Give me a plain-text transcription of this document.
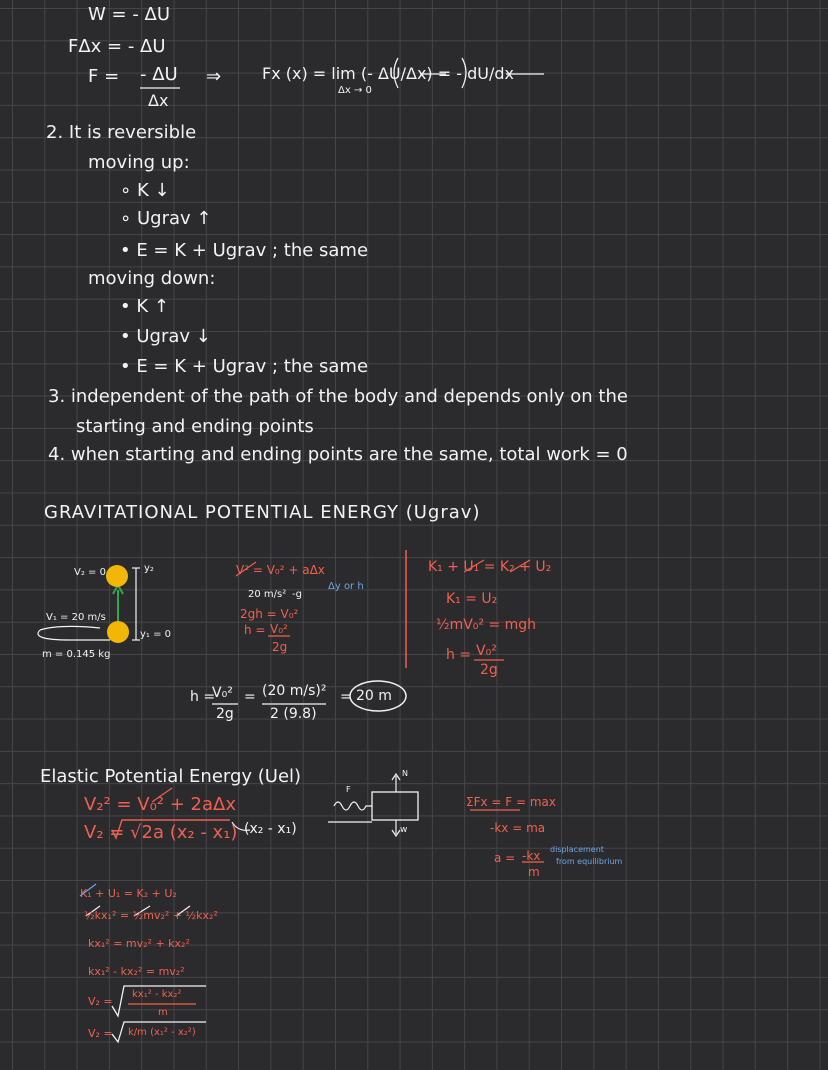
W = - ΔU
FΔx = - ΔU
F = - ΔU
Δx
⇒	Fx (x) = lim (- ΔU/Δx) = - dU/dx
Δx → 0
2. It is reversible
moving up:
∘ K ↓
∘ Ugrav ↑
• E = K + Ugrav ; the same
moving down:
• K ↑
• Ugrav ↓
• E = K + Ugrav ; the same
3. independent of the path of the body and depends only on the
starting and ending points
4. when starting and ending points are the same, total work = 0
GRAVITATIONAL POTENTIAL ENERGY (Ugrav)
V₂ = 0	y₂
V₁ = 20 m/s
y₁ = 0
m = 0.145 kg
V² = V₀² + aΔx
20 m/s² -g
Δy or h
2gh = V₀²
h = V₀²
2g
K₁ + U₁ = K₂ + U₂
K₁ = U₂
½mV₀² = mgh
h = V₀²
2g
h =
V₀²
2g
= (20 m/s)²
2 (9.8)
= 20 m
Elastic Potential Energy (Uel)
V₂² = V₀² + 2aΔx
(x₂ - x₁)
V₂ = √2a (x₂ - x₁)
N
w
F
ΣFx = F = max
-kx = ma
a = -kx
m
displacement
from equilibrium
K₁ + U₁ = K₂ + U₂
½kx₁² = ½mv₂² + ½kx₂²
kx₁² = mv₂² + kx₂²
kx₁² - kx₂² = mv₂²
V₂ =
kx₁² - kx₂²
m
V₂ = k/m (x₁² - x₂²)
